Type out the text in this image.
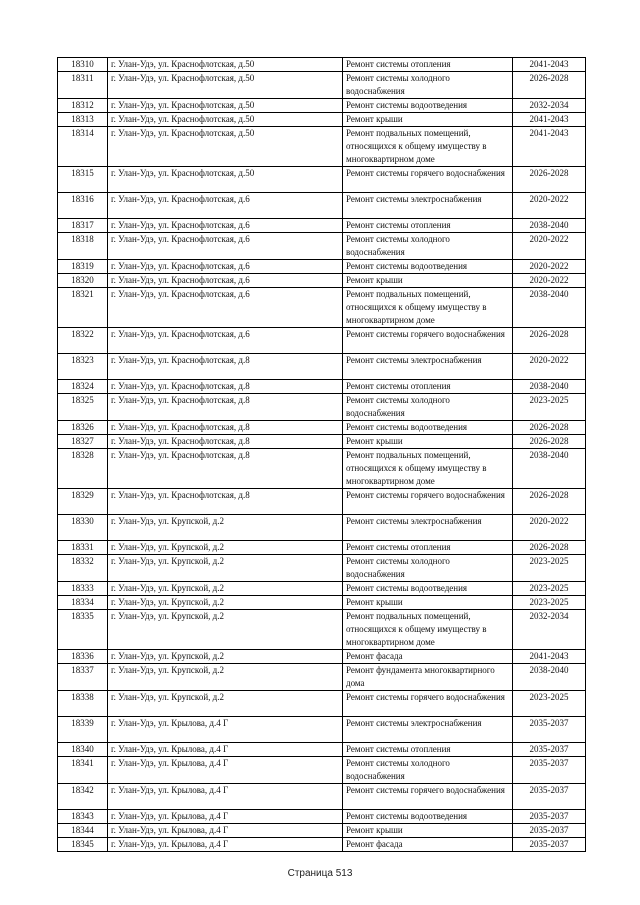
18310	г. Улан-Удэ, ул. Краснофлотская, д.50	Ремонт системы отопления	2041-2043
18311	г. Улан-Удэ, ул. Краснофлотская, д.50	Ремонт системы холодного водоснабжения	2026-2028
18312	г. Улан-Удэ, ул. Краснофлотская, д.50	Ремонт системы водоотведения	2032-2034
18313	г. Улан-Удэ, ул. Краснофлотская, д.50	Ремонт крыши	2041-2043
18314	г. Улан-Удэ, ул. Краснофлотская, д.50	Ремонт подвальных помещений, относящихся к общему имуществу в многоквартирном доме	2041-2043
18315	г. Улан-Удэ, ул. Краснофлотская, д.50	Ремонт системы горячего водоснабжения	2026-2028
18316	г. Улан-Удэ, ул. Краснофлотская, д.6	Ремонт системы электроснабжения	2020-2022
18317	г. Улан-Удэ, ул. Краснофлотская, д.6	Ремонт системы отопления	2038-2040
18318	г. Улан-Удэ, ул. Краснофлотская, д.6	Ремонт системы холодного водоснабжения	2020-2022
18319	г. Улан-Удэ, ул. Краснофлотская, д.6	Ремонт системы водоотведения	2020-2022
18320	г. Улан-Удэ, ул. Краснофлотская, д.6	Ремонт крыши	2020-2022
18321	г. Улан-Удэ, ул. Краснофлотская, д.6	Ремонт подвальных помещений, относящихся к общему имуществу в многоквартирном доме	2038-2040
18322	г. Улан-Удэ, ул. Краснофлотская, д.6	Ремонт системы горячего водоснабжения	2026-2028
18323	г. Улан-Удэ, ул. Краснофлотская, д.8	Ремонт системы электроснабжения	2020-2022
18324	г. Улан-Удэ, ул. Краснофлотская, д.8	Ремонт системы отопления	2038-2040
18325	г. Улан-Удэ, ул. Краснофлотская, д.8	Ремонт системы холодного водоснабжения	2023-2025
18326	г. Улан-Удэ, ул. Краснофлотская, д.8	Ремонт системы водоотведения	2026-2028
18327	г. Улан-Удэ, ул. Краснофлотская, д.8	Ремонт крыши	2026-2028
18328	г. Улан-Удэ, ул. Краснофлотская, д.8	Ремонт подвальных помещений, относящихся к общему имуществу в многоквартирном доме	2038-2040
18329	г. Улан-Удэ, ул. Краснофлотская, д.8	Ремонт системы горячего водоснабжения	2026-2028
18330	г. Улан-Удэ, ул. Крупской, д.2	Ремонт системы электроснабжения	2020-2022
18331	г. Улан-Удэ, ул. Крупской, д.2	Ремонт системы отопления	2026-2028
18332	г. Улан-Удэ, ул. Крупской, д.2	Ремонт системы холодного водоснабжения	2023-2025
18333	г. Улан-Удэ, ул. Крупской, д.2	Ремонт системы водоотведения	2023-2025
18334	г. Улан-Удэ, ул. Крупской, д.2	Ремонт крыши	2023-2025
18335	г. Улан-Удэ, ул. Крупской, д.2	Ремонт подвальных помещений, относящихся к общему имуществу в многоквартирном доме	2032-2034
18336	г. Улан-Удэ, ул. Крупской, д.2	Ремонт фасада	2041-2043
18337	г. Улан-Удэ, ул. Крупской, д.2	Ремонт фундамента многоквартирного дома	2038-2040
18338	г. Улан-Удэ, ул. Крупской, д.2	Ремонт системы горячего водоснабжения	2023-2025
18339	г. Улан-Удэ, ул. Крылова, д.4 Г	Ремонт системы электроснабжения	2035-2037
18340	г. Улан-Удэ, ул. Крылова, д.4 Г	Ремонт системы отопления	2035-2037
18341	г. Улан-Удэ, ул. Крылова, д.4 Г	Ремонт системы холодного водоснабжения	2035-2037
18342	г. Улан-Удэ, ул. Крылова, д.4 Г	Ремонт системы горячего водоснабжения	2035-2037
18343	г. Улан-Удэ, ул. Крылова, д.4 Г	Ремонт системы водоотведения	2035-2037
18344	г. Улан-Удэ, ул. Крылова, д.4 Г	Ремонт крыши	2035-2037
18345	г. Улан-Удэ, ул. Крылова, д.4 Г	Ремонт фасада	2035-2037
Страница 513
